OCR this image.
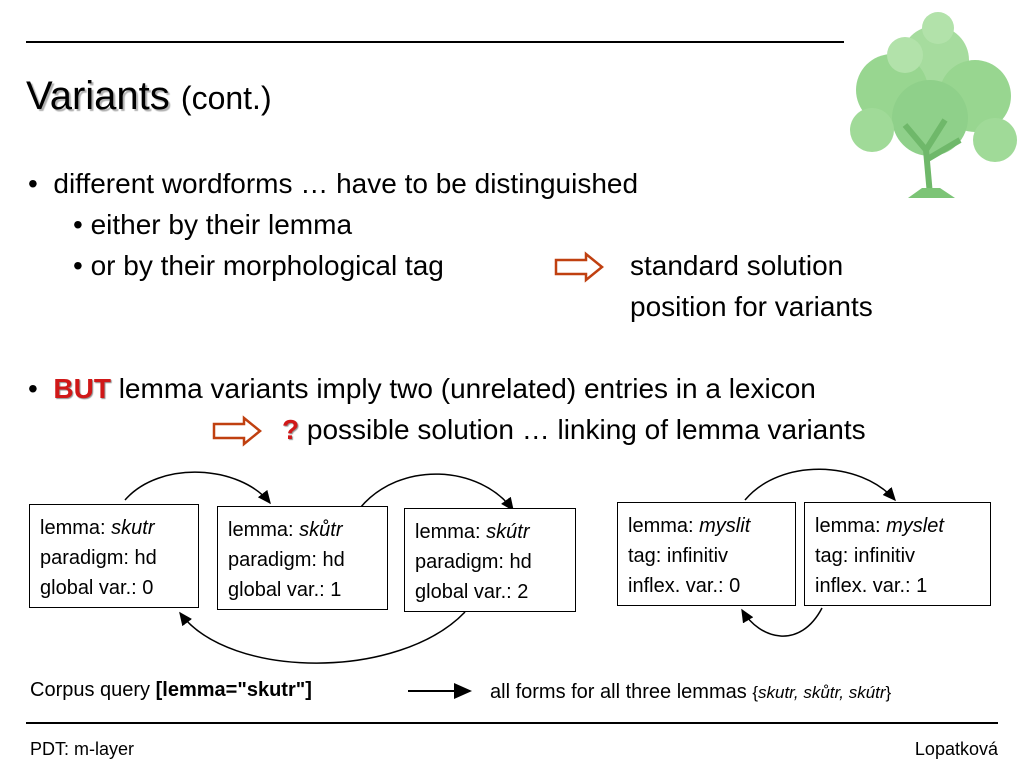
Variants (cont.)
•  different wordforms … have to be distinguished
• either by their lemma
• or by their morphological tag	standard solution
position for variants
•  BUT lemma variants imply two (unrelated) entries in a lexicon
? possible solution … linking of lemma variants
lemma: skutr
paradigm: hd
global var.: 0
lemma: skůtr
paradigm: hd
global var.: 1
lemma: skútr
paradigm: hd
global var.: 2
lemma: myslit
tag: infinitiv
inflex. var.: 0
lemma: myslet
tag: infinitiv
inflex. var.: 1
Corpus query [lemma="skutr"]	all forms for all three lemmas {skutr, skůtr, skútr}
PDT: m-layer	Lopatková
